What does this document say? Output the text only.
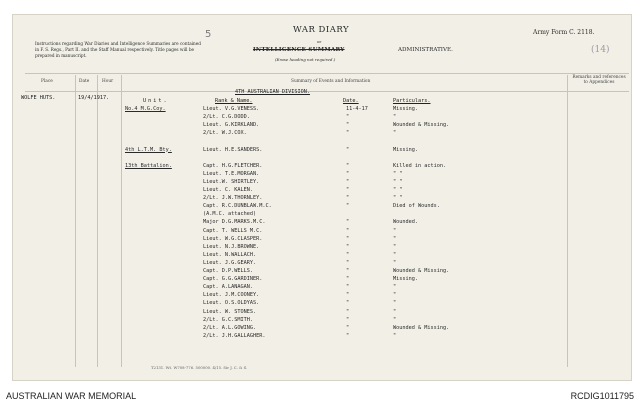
5	WAR DIARY	Army Form C. 2118.
(14)
Instructions regarding War Diaries and Intelligence Summaries are contained in F. S. Regs., Part II. and the Staff Manual respectively. Title pages will be prepared in manuscript.
or
INTELLIGENCE SUMMARY	ADMINISTRATIVE.
(Erase heading not required.)
Place	Date	Hour	Summary of Events and Information
Remarks and references to Appendices
WOLFE HUTS.	19/4/1917.
4TH AUSTRALIAN DIVISION.
Unit.	Rank & Name.	Date.	Particulars.
No.4 M.G.Coy.	Lieut. V.G.VENESS.	11-4-17	Missing.
2/Lt. C.G.DODD.	"	"
Lieut. G.KIRKLAND.	"	Wounded & Missing.
2/Lt. W.J.COX.	"	"
4th L.T.M. Bty.	Lieut. H.E.SANDERS.	"	Missing.
13th Battalion.	Capt. H.G.FLETCHER.	"	Killed in action.
Lieut. T.E.MORGAN.	"	" "
Lieut.W. SHIRTLEY.	"	" "
Lieut. C. KALEN.	"	" "
2/Lt. J.W.THORNLEY.	"	" "
Capt. R.C.DUNBLAW.M.C.	"	Died of Wounds.
(A.M.C. attached)
Major D.G.MARKS.M.C.	"	Wounded.
Capt. T. WELLS M.C.	"	"
Lieut. W.G.CLASPER.	"	"
Lieut. N.J.BROWNE.	"	"
Lieut. N.WALLACH.	"	"
Lieut. J.G.GEARY.	"	"
Capt. D.P.WELLS.	"	Wounded & Missing.
Capt. G.G.GARDINER.	"	Missing.
Capt. A.LANAGAN.	"	"
Lieut. J.M.COONEY.	"	"
Lieut. O.S.OLDYAS.	"	"
Lieut. W. STONES.	"	"
2/Lt. G.C.SMITH.	"	"
2/Lt. A.L.GOWING.	"	Wounded & Missing.
2/Lt. J.H.GALLAGHER.	"	"
T2131. Wt. W708-776. 500000. 4/15. Sir J. C. & S.
AUSTRALIAN WAR MEMORIAL	RCDIG1011795
